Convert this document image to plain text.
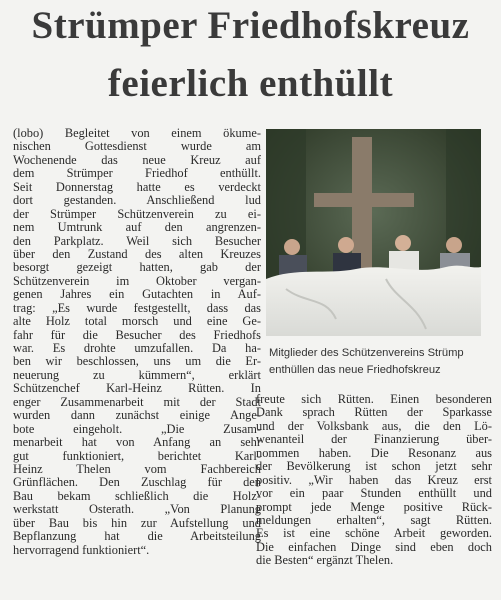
Strümper Friedhofskreuz
feierlich enthüllt
(lobo) Begleitet von einem ökume-
nischen Gottesdienst wurde am
Wochenende das neue Kreuz auf
dem Strümper Friedhof enthüllt.
Seit Donnerstag hatte es verdeckt
dort gestanden. Anschließend lud
der Strümper Schützenverein zu ei-
nem Umtrunk auf den angrenzen-
den Parkplatz. Weil sich Besucher
über den Zustand des alten Kreuzes
besorgt gezeigt hatten, gab der
Schützenverein im Oktober vergan-
genen Jahres ein Gutachten in Auf-
trag: „Es wurde festgestellt, dass das
alte Holz total morsch und eine Ge-
fahr für die Besucher des Friedhofs
war. Es drohte umzufallen. Da ha-
ben wir beschlossen, uns um die Er-
neuerung zu kümmern“, erklärt
Schützenchef Karl-Heinz Rütten. In
enger Zusammenarbeit mit der Stadt
wurden dann zunächst einige Ange-
bote eingeholt. „Die Zusam-
menarbeit hat von Anfang an sehr
gut funktioniert, berichtet Karl-
Heinz Thelen vom Fachbereich
Grünflächen. Den Zuschlag für den
Bau bekam schließlich die Holz-
werkstatt Osterath. „Von Planung
über Bau bis hin zur Aufstellung und
Bepflanzung hat die Arbeitsteilung
hervorragend funktioniert“.
Mitglieder des Schützenvereins Strümp
enthüllen das neue Friedhofskreuz
freute sich Rütten. Einen besonderen
Dank sprach Rütten der Sparkasse
und der Volksbank aus, die den Lö-
wenanteil der Finanzierung über-
nommen haben. Die Resonanz aus
der Bevölkerung ist schon jetzt sehr
positiv. „Wir haben das Kreuz erst
vor ein paar Stunden enthüllt und
prompt jede Menge positive Rück-
meldungen erhalten“, sagt Rütten.
Es ist eine schöne Arbeit geworden.
Die einfachen Dinge sind eben doch
die Besten“ ergänzt Thelen.
